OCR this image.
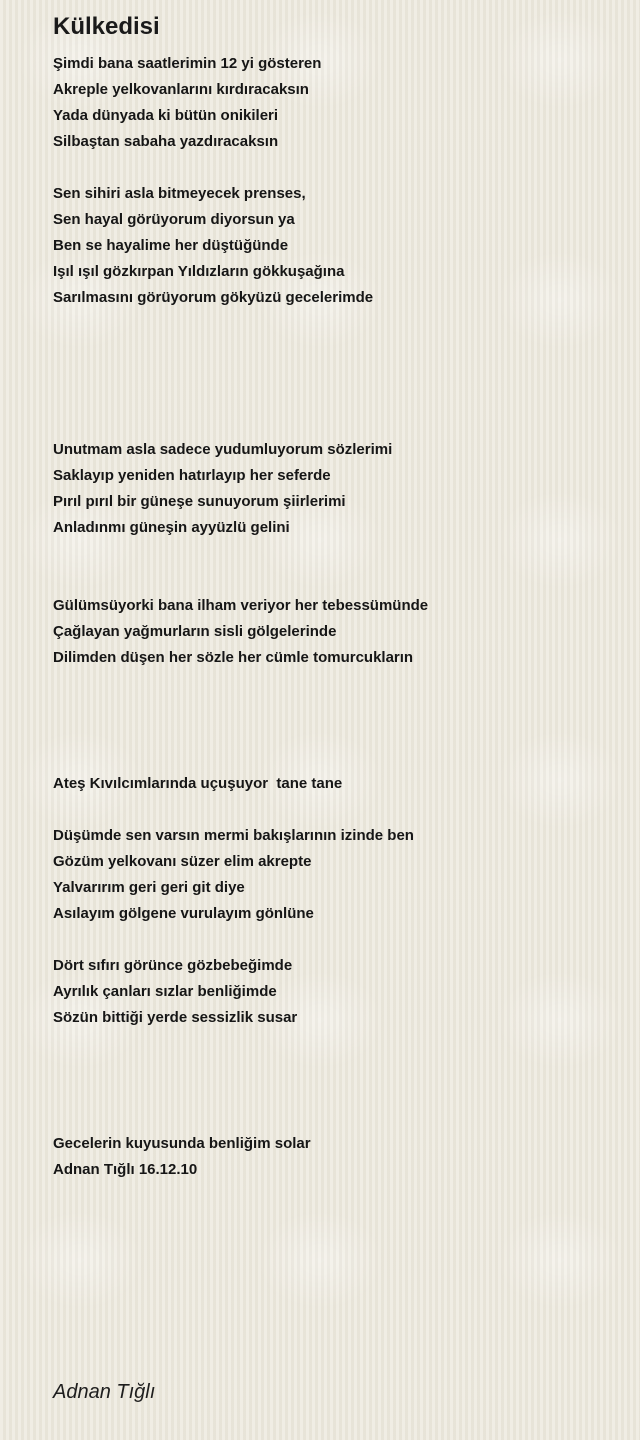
Külkedisi
Şimdi bana saatlerimin 12 yi gösteren
Akreple yelkovanlarını kırdıracaksın
Yada dünyada ki bütün onikileri
Silbaştan sabaha yazdıracaksın
Sen sihiri asla bitmeyecek prenses,
Sen hayal görüyorum diyorsun ya
Ben se hayalime her düştüğünde
Işıl ışıl gözkırpan Yıldızların gökkuşağına
Sarılmasını görüyorum gökyüzü gecelerimde
Unutmam asla sadece yudumluyorum sözlerimi
Saklayıp yeniden hatırlayıp her seferde
Pırıl pırıl bir güneşe sunuyorum şiirlerimi
Anladınmı güneşin ayyüzlü gelini
Gülümsüyorki bana ilham veriyor her tebessümünde
Çağlayan yağmurların sisli gölgelerinde
Dilimden düşen her sözle her cümle tomurcukların
Ateş Kıvılcımlarında uçuşuyor  tane tane
Düşümde sen varsın mermi bakışlarının izinde ben
Gözüm yelkovanı süzer elim akrepte
Yalvarırım geri geri git diye
Asılayım gölgene vurulayım gönlüne
Dört sıfırı görünce gözbebeğimde
Ayrılık çanları sızlar benliğimde
Sözün bittiği yerde sessizlik susar
Gecelerin kuyusunda benliğim solar
Adnan Tığlı 16.12.10
Adnan Tığlı
